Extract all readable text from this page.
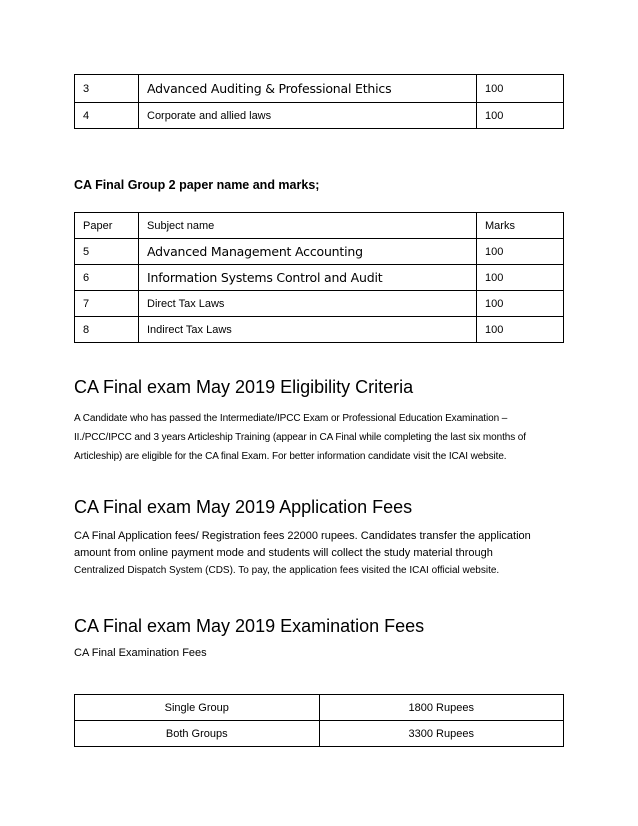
3	Advanced Auditing & Professional Ethics	100
4	Corporate and allied laws	100
CA Final Group 2 paper name and marks;
Paper	Subject name	Marks
5	Advanced Management Accounting	100
6	Information Systems Control and Audit	100
7	Direct Tax Laws	100
8	Indirect Tax Laws	100
CA Final exam May 2019 Eligibility Criteria

A Candidate who has passed the Intermediate/IPCC Exam or Professional Education Examination –
II./PCC/IPCC and 3 years Articleship Training (appear in CA Final while completing the last six months of
Articleship) are eligible for the CA final Exam. For better information candidate visit the ICAI website.

CA Final exam May 2019 Application Fees

CA Final Application fees/ Registration fees 22000 rupees. Candidates transfer the application
amount from online payment mode and students will collect the study material through
Centralized Dispatch System (CDS). To pay, the application fees visited the ICAI official website.

CA Final exam May 2019 Examination Fees

CA Final Examination Fees

Single Group	1800 Rupees
Both Groups	3300 Rupees
